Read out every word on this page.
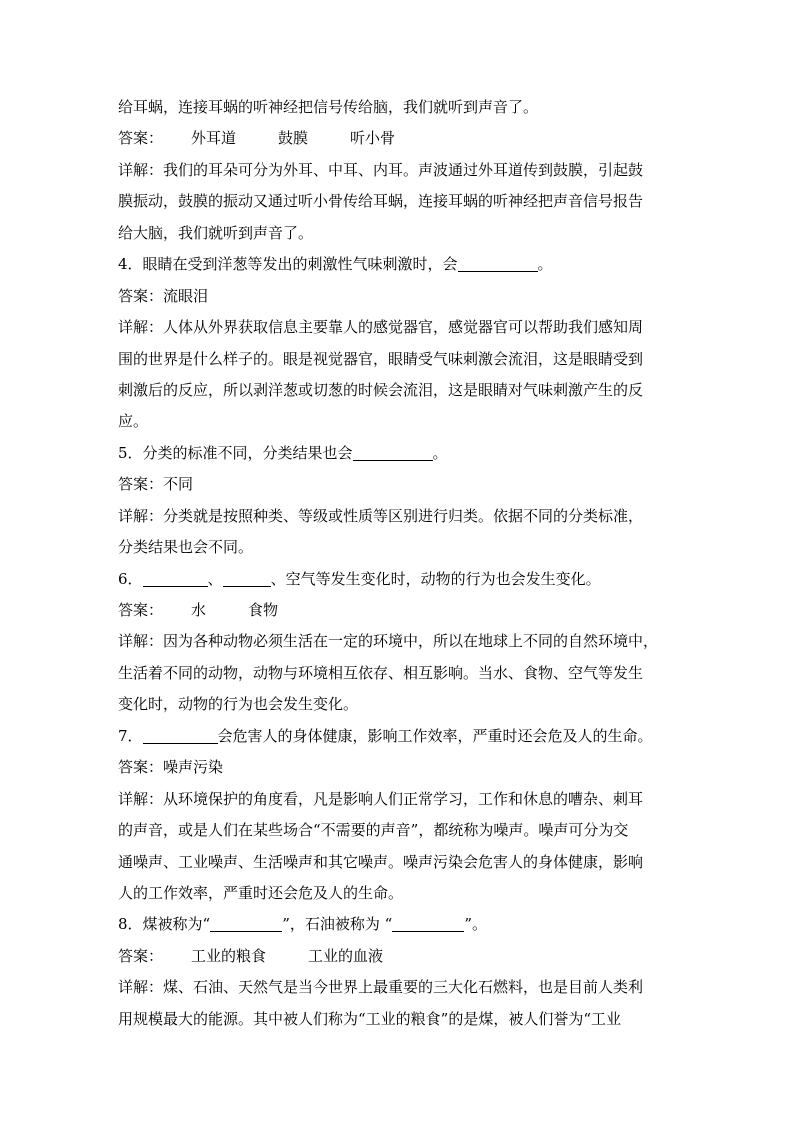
给耳蜗，连接耳蜗的听神经把信号传给脑，我们就听到声音了。
答案： 外耳道	鼓膜	听小骨
详解：我们的耳朵可分为外耳、中耳、内耳。声波通过外耳道传到鼓膜，引起鼓
膜振动，鼓膜的振动又通过听小骨传给耳蜗，连接耳蜗的听神经把声音信号报告
给大脑，我们就听到声音了。
4．眼睛在受到洋葱等发出的刺激性气味刺激时，会	。
答案：流眼泪
详解：人体从外界获取信息主要靠人的感觉器官，感觉器官可以帮助我们感知周
围的世界是什么样子的。眼是视觉器官，眼睛受气味刺激会流泪，这是眼睛受到
刺激后的反应，所以剥洋葱或切葱的时候会流泪，这是眼睛对气味刺激产生的反
应。
5．分类的标准不同，分类结果也会	。
答案：不同
详解：分类就是按照种类、等级或性质等区别进行归类。依据不同的分类标准，
分类结果也会不同。
6．	、	、空气等发生变化时，动物的行为也会发生变化。
答案： 水	食物
详解：因为各种动物必须生活在一定的环境中，所以在地球上不同的自然环境中，
生活着不同的动物，动物与环境相互依存、相互影响。当水、食物、空气等发生
变化时，动物的行为也会发生变化。
7．	会危害人的身体健康，影响工作效率，严重时还会危及人的生命。
答案：噪声污染
详解：从环境保护的角度看，凡是影响人们正常学习，工作和休息的嘈杂、刺耳
的声音，或是人们在某些场合“不需要的声音”，都统称为噪声。噪声可分为交
通噪声、工业噪声、生活噪声和其它噪声。噪声污染会危害人的身体健康，影响
人的工作效率，严重时还会危及人的生命。
8．煤被称为“	”，石油被称为 “	”。
答案： 工业的粮食	工业的血液
详解：煤、石油、天然气是当今世界上最重要的三大化石燃料，也是目前人类利
用规模最大的能源。其中被人们称为“工业的粮食”的是煤，被人们誉为“工业
